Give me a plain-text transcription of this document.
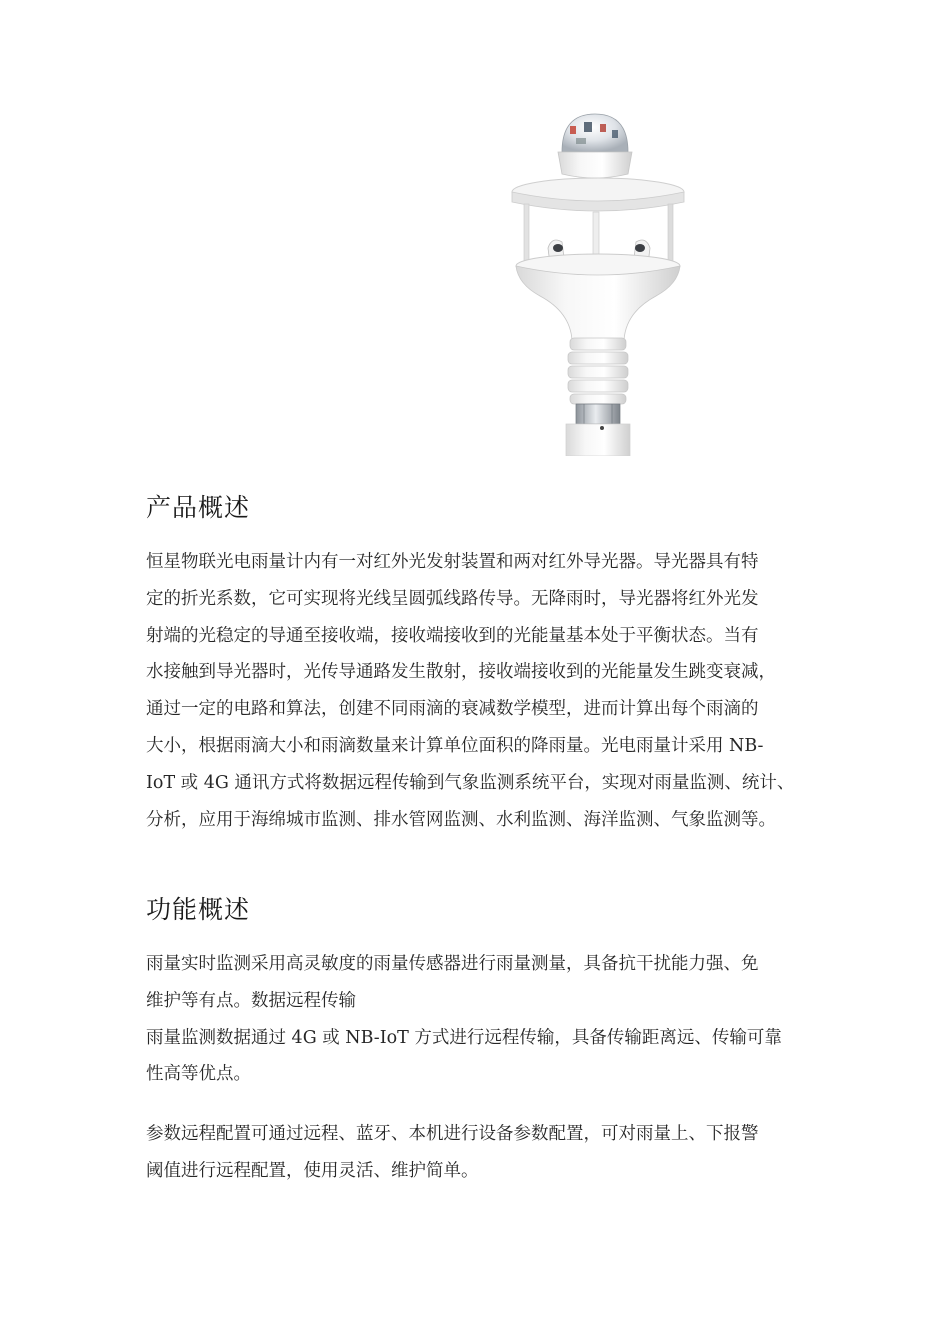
产品概述

恒星物联光电雨量计内有一对红外光发射装置和两对红外导光器。导光器具有特
定的折光系数，它可实现将光线呈圆弧线路传导。无降雨时，导光器将红外光发
射端的光稳定的导通至接收端，接收端接收到的光能量基本处于平衡状态。当有
水接触到导光器时，光传导通路发生散射，接收端接收到的光能量发生跳变衰减，
通过一定的电路和算法，创建不同雨滴的衰减数学模型，进而计算出每个雨滴的
大小，根据雨滴大小和雨滴数量来计算单位面积的降雨量。光电雨量计采用 NB-
IoT 或 4G 通讯方式将数据远程传输到气象监测系统平台，实现对雨量监测、统计、
分析，应用于海绵城市监测、排水管网监测、水利监测、海洋监测、气象监测等。

功能概述

雨量实时监测采用高灵敏度的雨量传感器进行雨量测量，具备抗干扰能力强、免
维护等有点。数据远程传输
雨量监测数据通过 4G 或 NB-IoT 方式进行远程传输，具备传输距离远、传输可靠
性高等优点。

参数远程配置可通过远程、蓝牙、本机进行设备参数配置，可对雨量上、下报警
阈值进行远程配置，使用灵活、维护简单。
